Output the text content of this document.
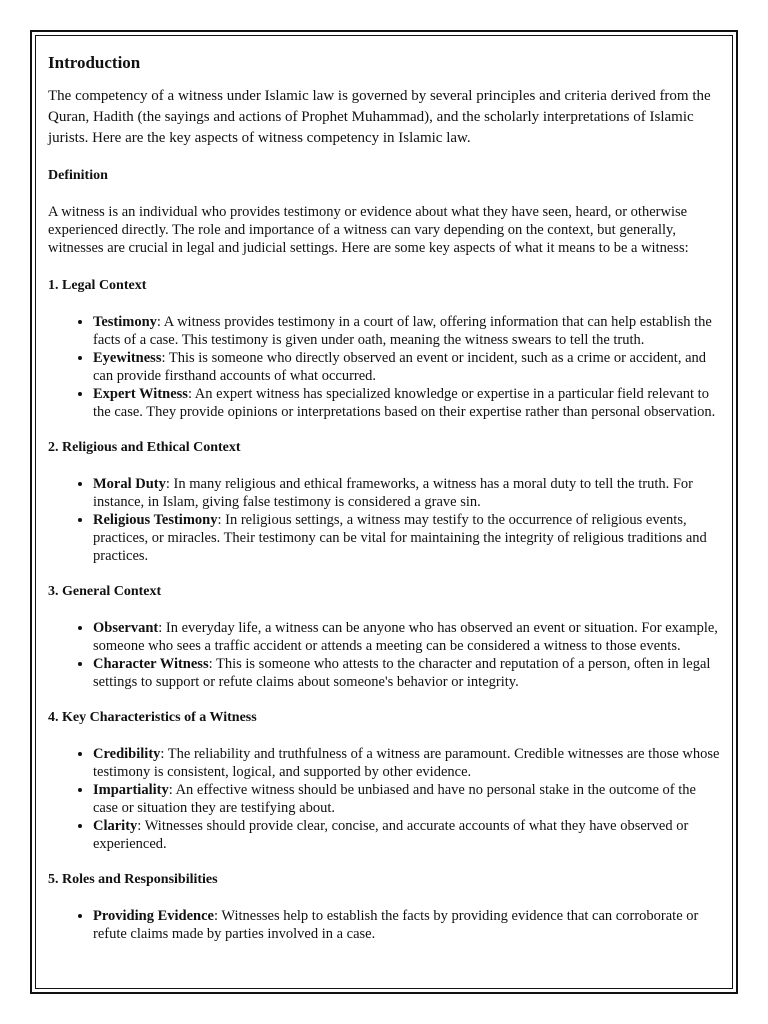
Introduction

The competency of a witness under Islamic law is governed by several principles and criteria derived from the Quran, Hadith (the sayings and actions of Prophet Muhammad), and the scholarly interpretations of Islamic jurists. Here are the key aspects of witness competency in Islamic law.

Definition

A witness is an individual who provides testimony or evidence about what they have seen, heard, or otherwise experienced directly. The role and importance of a witness can vary depending on the context, but generally, witnesses are crucial in legal and judicial settings. Here are some key aspects of what it means to be a witness:

1. Legal Context
• Testimony: A witness provides testimony in a court of law, offering information that can help establish the facts of a case. This testimony is given under oath, meaning the witness swears to tell the truth.
• Eyewitness: This is someone who directly observed an event or incident, such as a crime or accident, and can provide firsthand accounts of what occurred.
• Expert Witness: An expert witness has specialized knowledge or expertise in a particular field relevant to the case. They provide opinions or interpretations based on their expertise rather than personal observation.
2. Religious and Ethical Context
• Moral Duty: In many religious and ethical frameworks, a witness has a moral duty to tell the truth. For instance, in Islam, giving false testimony is considered a grave sin.
• Religious Testimony: In religious settings, a witness may testify to the occurrence of religious events, practices, or miracles. Their testimony can be vital for maintaining the integrity of religious traditions and practices.
3. General Context
• Observant: In everyday life, a witness can be anyone who has observed an event or situation. For example, someone who sees a traffic accident or attends a meeting can be considered a witness to those events.
• Character Witness: This is someone who attests to the character and reputation of a person, often in legal settings to support or refute claims about someone's behavior or integrity.
4. Key Characteristics of a Witness
• Credibility: The reliability and truthfulness of a witness are paramount. Credible witnesses are those whose testimony is consistent, logical, and supported by other evidence.
• Impartiality: An effective witness should be unbiased and have no personal stake in the outcome of the case or situation they are testifying about.
• Clarity: Witnesses should provide clear, concise, and accurate accounts of what they have observed or experienced.
5. Roles and Responsibilities
• Providing Evidence: Witnesses help to establish the facts by providing evidence that can corroborate or refute claims made by parties involved in a case.
